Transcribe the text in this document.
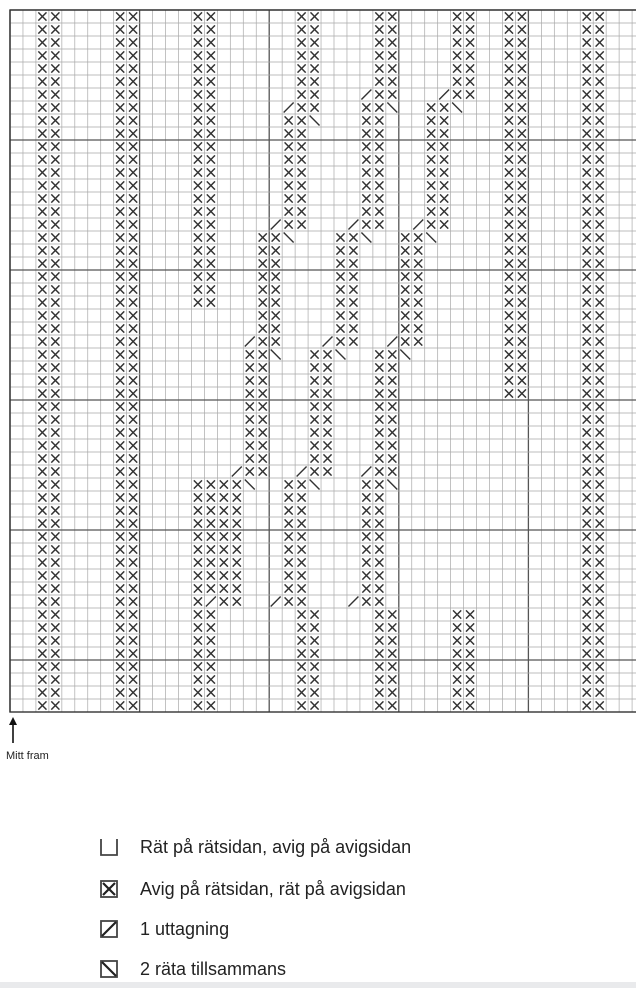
Mitt fram
Rät på rätsidan, avig på avigsidan
Avig på rätsidan, rät på avigsidan
1 uttagning
2 räta tillsammans
